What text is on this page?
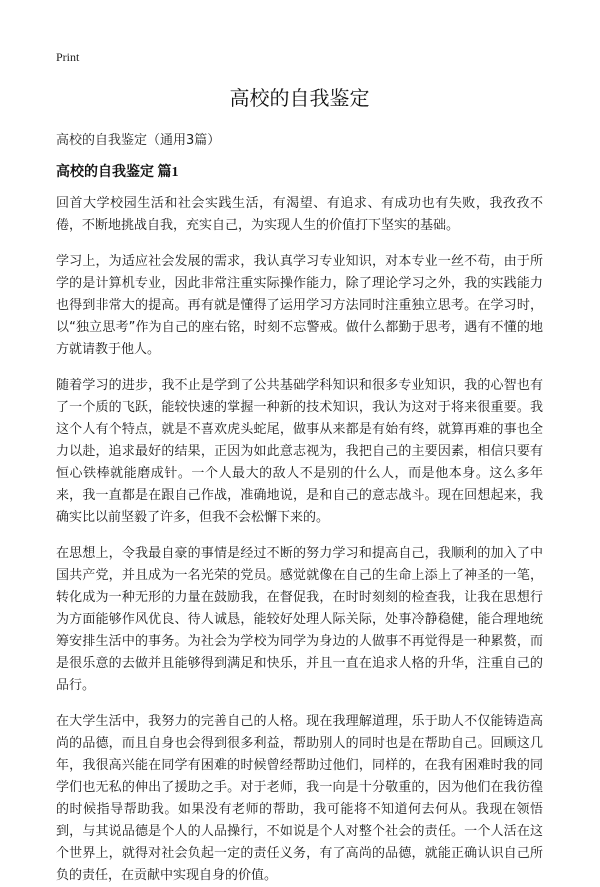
Print
高校的自我鉴定
高校的自我鉴定（通用3篇）
高校的自我鉴定 篇1

回首大学校园生活和社会实践生活，有渴望、有追求、有成功也有失败，我孜孜不倦，不断地挑战自我，充实自己，为实现人生的价值打下坚实的基础。

学习上，为适应社会发展的需求，我认真学习专业知识，对本专业一丝不苟，由于所学的是计算机专业，因此非常注重实际操作能力，除了理论学习之外，我的实践能力也得到非常大的提高。再有就是懂得了运用学习方法同时注重独立思考。在学习时，以“独立思考”作为自己的座右铭，时刻不忘警戒。做什么都勤于思考，遇有不懂的地方就请教于他人。

随着学习的进步，我不止是学到了公共基础学科知识和很多专业知识，我的心智也有了一个质的飞跃，能较快速的掌握一种新的技术知识，我认为这对于将来很重要。我这个人有个特点，就是不喜欢虎头蛇尾，做事从来都是有始有终，就算再难的事也全力以赴，追求最好的结果，正因为如此意志视为，我把自己的主要因素，相信只要有恒心铁棒就能磨成针。一个人最大的敌人不是别的什么人，而是他本身。这么多年来，我一直都是在跟自己作战，准确地说，是和自己的意志战斗。现在回想起来，我确实比以前坚毅了许多，但我不会松懈下来的。

在思想上，令我最自豪的事情是经过不断的努力学习和提高自己，我顺利的加入了中国共产党，并且成为一名光荣的党员。感觉就像在自己的生命上添上了神圣的一笔，转化成为一种无形的力量在鼓励我，在督促我，在时时刻刻的检查我，让我在思想行为方面能够作风优良、待人诚恳，能较好处理人际关际，处事冷静稳健，能合理地统筹安排生活中的事务。为社会为学校为同学为身边的人做事不再觉得是一种累赘，而是很乐意的去做并且能够得到满足和快乐，并且一直在追求人格的升华，注重自己的品行。

在大学生活中，我努力的完善自己的人格。现在我理解道理，乐于助人不仅能铸造高尚的品德，而且自身也会得到很多利益，帮助别人的同时也是在帮助自己。回顾这几年，我很高兴能在同学有困难的时候曾经帮助过他们，同样的，在我有困难时我的同学们也无私的伸出了援助之手。对于老师，我一向是十分敬重的，因为他们在我彷徨的时候指导帮助我。如果没有老师的帮助，我可能将不知道何去何从。我现在领悟到，与其说品德是个人的人品操行，不如说是个人对整个社会的责任。一个人活在这个世界上，就得对社会负起一定的责任义务，有了高尚的品德，就能正确认识自己所负的责任，在贡献中实现自身的价值。
